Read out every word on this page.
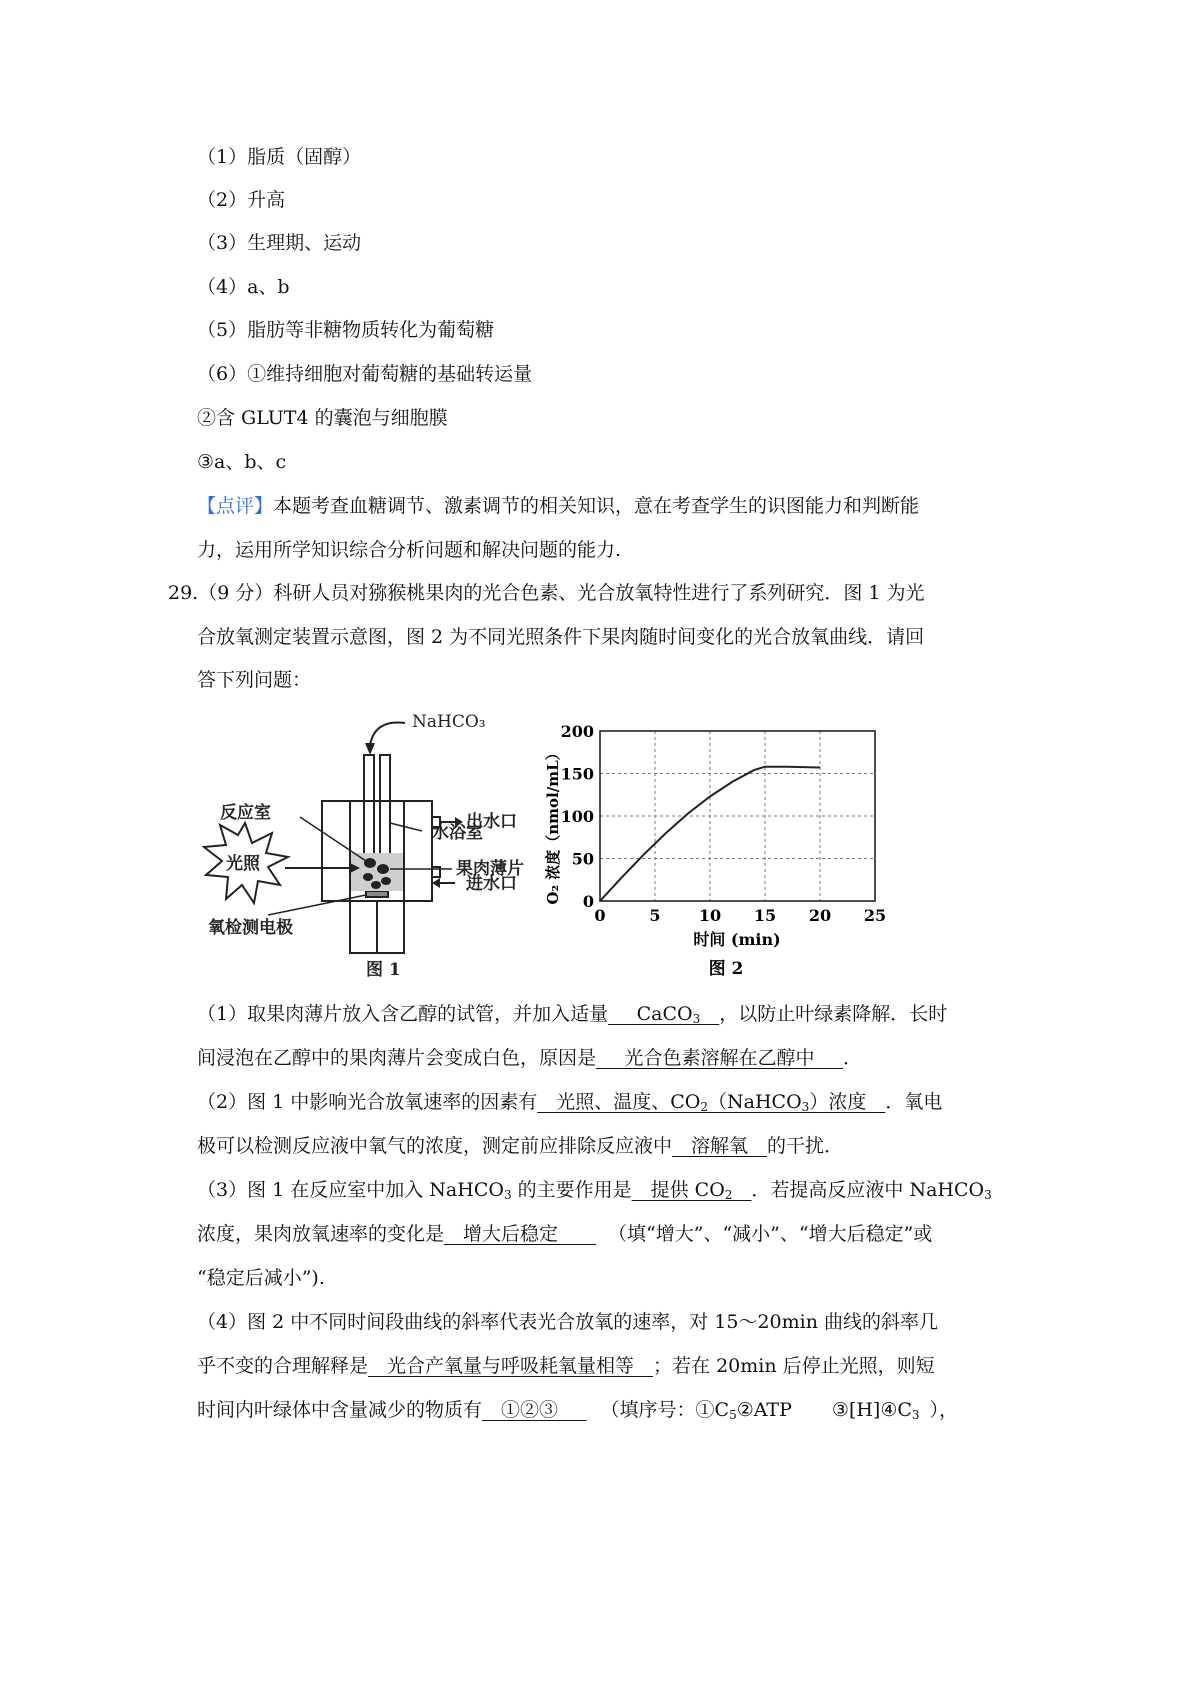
（1）脂质（固醇）
（2）升高
（3）生理期、运动
（4）a、b
（5）脂肪等非糖物质转化为葡萄糖
（6）①维持细胞对葡萄糖的基础转运量
②含 GLUT4 的囊泡与细胞膜
③a、b、c
【点评】本题考查血糖调节、激素调节的相关知识，意在考查学生的识图能力和判断能
力，运用所学知识综合分析问题和解决问题的能力.
29.（9 分）科研人员对猕猴桃果肉的光合色素、光合放氧特性进行了系列研究．图 1 为光
合放氧测定装置示意图，图 2 为不同光照条件下果肉随时间变化的光合放氧曲线．请回
答下列问题：
NaHCO₃
反应室
光照
氧检测电极
出水口
水浴室
果肉薄片
进水口
图 1
0	5 10 15 20 25
0
50
100
150
200
O₂ 浓度（nmol/mL）
时间 (min)
图 2
（1）取果肉薄片放入含乙醇的试管，并加入适量   CaCO$_3$  ，以防止叶绿素降解．长时
间浸泡在乙醇中的果肉薄片会变成白色，原因是   光合色素溶解在乙醇中   ．
（2）图 1 中影响光合放氧速率的因素有  光照、温度、$CO_2(NaHCO_3)$浓度  ．氧电
极可以检测反应液中氧气的浓度，测定前应排除反应液中  溶解氧  的干扰．
（3）图 1 在反应室中加入 NaHCO$_3$ 的主要作用是  提供 $CO_2$  ．若提高反应液中 NaHCO$_3$
浓度，果肉放氧速率的变化是  增大后稳定  	（填“增大”、“减小”、“增大后稳定”或
“稳定后减小”).
（4）图 2 中不同时间段曲线的斜率代表光合放氧的速率，对 15～20min 曲线的斜率几
乎不变的合理解释是  光合产氧量与呼吸耗氧量相等  ；若在 20min 后停止光照，则短
时间内叶绿体中含量减少的物质有  ①②③   （填序号：$①C_5②ATP$ $③[H]④C_3$ ），
